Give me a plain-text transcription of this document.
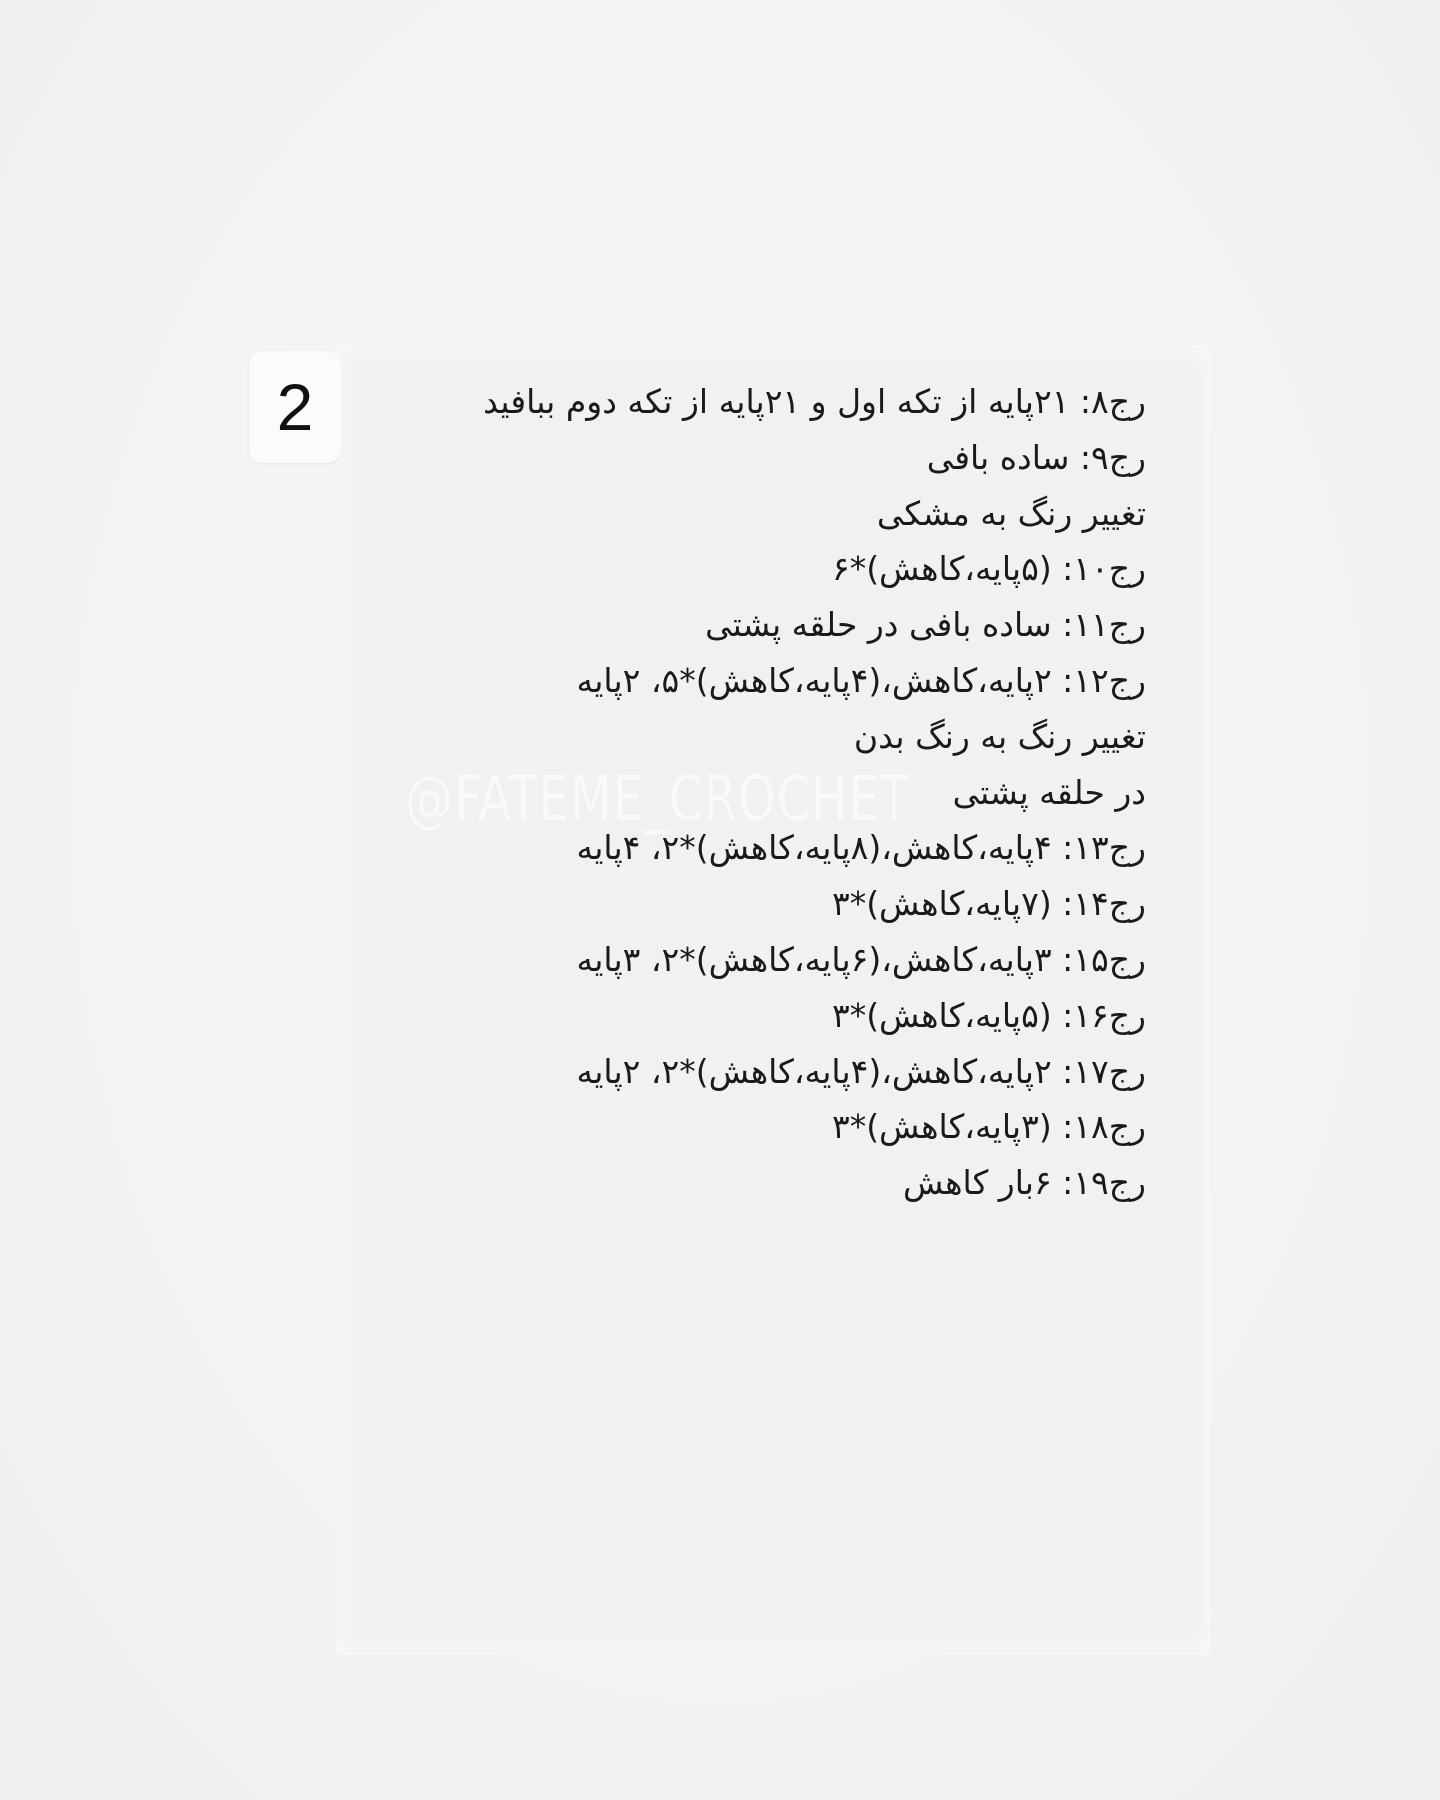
2	رج۸: ۲۱پایه از تکه اول و ۲۱پایه از تکه دوم ببافید
رج۹: ساده بافی
تغییر رنگ به مشکی
رج۱۰: (۵پایه،کاهش)*۶
رج۱۱: ساده بافی در حلقه پشتی
رج۱۲: ۲پایه،کاهش،(۴پایه،کاهش)*۵، ۲پایه
تغییر رنگ به رنگ بدن
در حلقه پشتی
رج۱۳: ۴پایه،کاهش،(۸پایه،کاهش)*۲، ۴پایه
رج۱۴: (۷پایه،کاهش)*۳
رج۱۵: ۳پایه،کاهش،(۶پایه،کاهش)*۲، ۳پایه
رج۱۶: (۵پایه،کاهش)*۳
رج۱۷: ۲پایه،کاهش،(۴پایه،کاهش)*۲، ۲پایه
رج۱۸: (۳پایه،کاهش)*۳
رج۱۹: ۶بار کاهش
@FATEME_CROCHET
